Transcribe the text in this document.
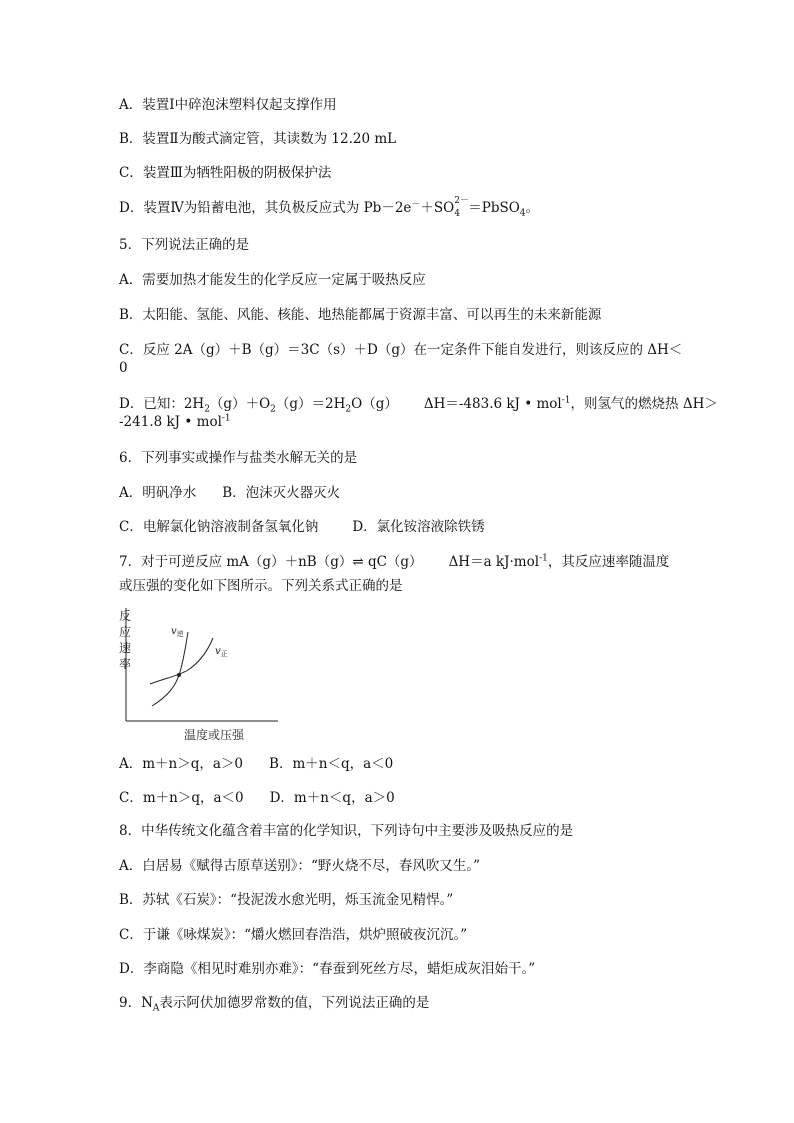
A．装置Ⅰ中碎泡沫塑料仅起支撑作用
B．装置Ⅱ为酸式滴定管，其读数为 12.20 mL
C．装置Ⅲ为牺牲阳极的阴极保护法
D．装置Ⅳ为铅蓄电池，其负极反应式为 Pb－2e－＋SO 2－
4 ＝PbSO$_4$。
5．下列说法正确的是
A．需要加热才能发生的化学反应一定属于吸热反应
B．太阳能、氢能、风能、核能、地热能都属于资源丰富、可以再生的未来新能源
C．反应 2A（g）＋B（g）＝3C（s）＋D（g）在一定条件下能自发进行，则该反应的 ΔH＜
0
D．已知：$2H_2(g)+O_2(g)=2H_2O(g)$ ΔH＝-483.6 kJ • mol$^{-1}$，则氢气的燃烧热 ΔH＞
-241.8 kJ • mol$^{-1}$
6．下列事实或操作与盐类水解无关的是
A．明矾净水 B．泡沫灭火器灭火
C．电解氯化钠溶液制备氢氧化钠	D．氯化铵溶液除铁锈
7．对于可逆反应 mA（g）＋nB（g）⇌ qC（g） ΔH＝a kJ·mol$^{-1}$，其反应速率随温度
或压强的变化如下图所示。下列关系式正确的是
反
应
速
率
$v_逆$
$v_正$
温度或压强
A．m＋n＞q，a＞0 B．m＋n＜q，a＜0
C．m＋n＞q，a＜0 D．m＋n＜q，a＞0
8．中华传统文化蕴含着丰富的化学知识，下列诗句中主要涉及吸热反应的是
A．白居易《赋得古原草送别》：“野火烧不尽，春风吹又生。”
B．苏轼《石炭》：“投泥泼水愈光明，烁玉流金见精悍。”
C．于谦《咏煤炭》：“爝火燃回春浩浩，烘炉照破夜沉沉。”
D．李商隐《相见时难别亦难》：“春蚕到死丝方尽，蜡炬成灰泪始干。”
9．$N_A$表示阿伏加德罗常数的值，下列说法正确的是
